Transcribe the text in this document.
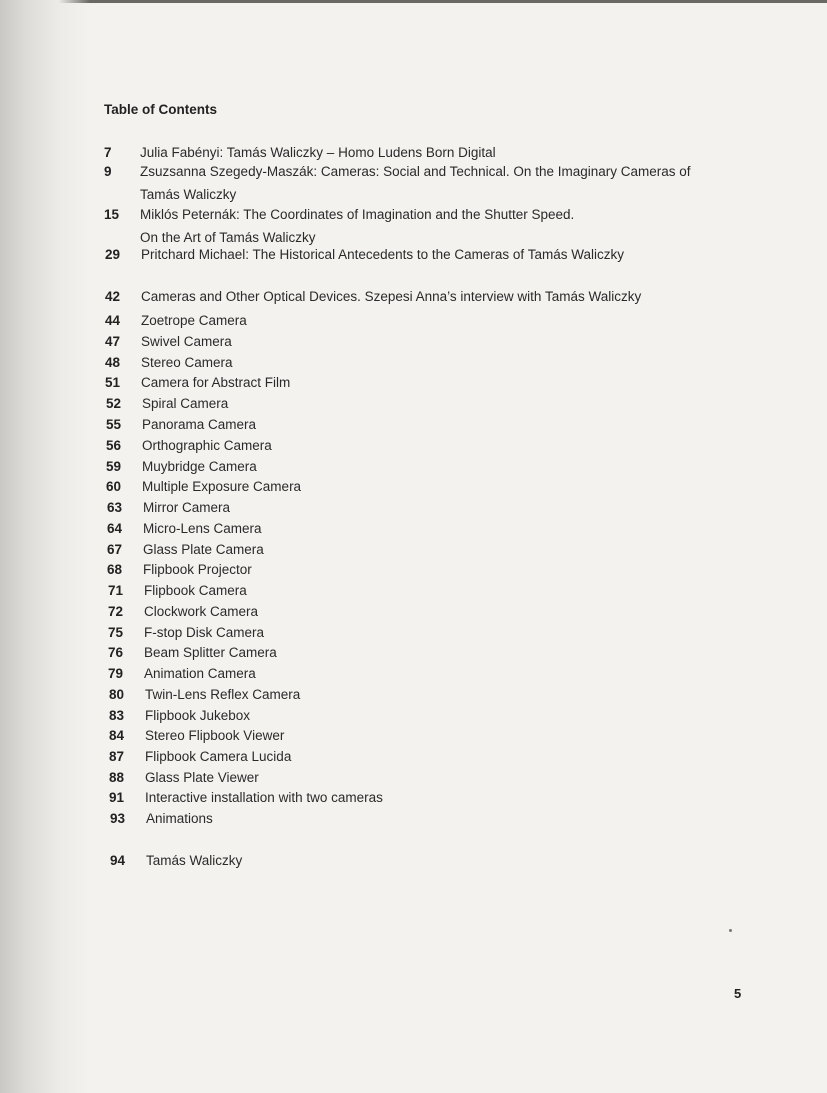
Table of Contents
7	Julia Fabényi: Tamás Waliczky – Homo Ludens Born Digital
9	Zsuzsanna Szegedy-Maszák: Cameras: Social and Technical. On the Imaginary Cameras of Tamás Waliczky
15	Miklós Peternák: The Coordinates of Imagination and the Shutter Speed.
On the Art of Tamás Waliczky
29	Pritchard Michael: The Historical Antecedents to the Cameras of Tamás Waliczky
42	Cameras and Other Optical Devices. Szepesi Anna’s interview with Tamás Waliczky
44	Zoetrope Camera
47	Swivel Camera
48	Stereo Camera
51	Camera for Abstract Film
52	Spiral Camera
55	Panorama Camera
56	Orthographic Camera
59	Muybridge Camera
60	Multiple Exposure Camera
63	Mirror Camera
64	Micro-Lens Camera
67	Glass Plate Camera
68	Flipbook Projector
71	Flipbook Camera
72	Clockwork Camera
75	F-stop Disk Camera
76	Beam Splitter Camera
79	Animation Camera
80	Twin-Lens Reflex Camera
83	Flipbook Jukebox
84	Stereo Flipbook Viewer
87	Flipbook Camera Lucida
88	Glass Plate Viewer
91	Interactive installation with two cameras
93	Animations
94	Tamás Waliczky
5
